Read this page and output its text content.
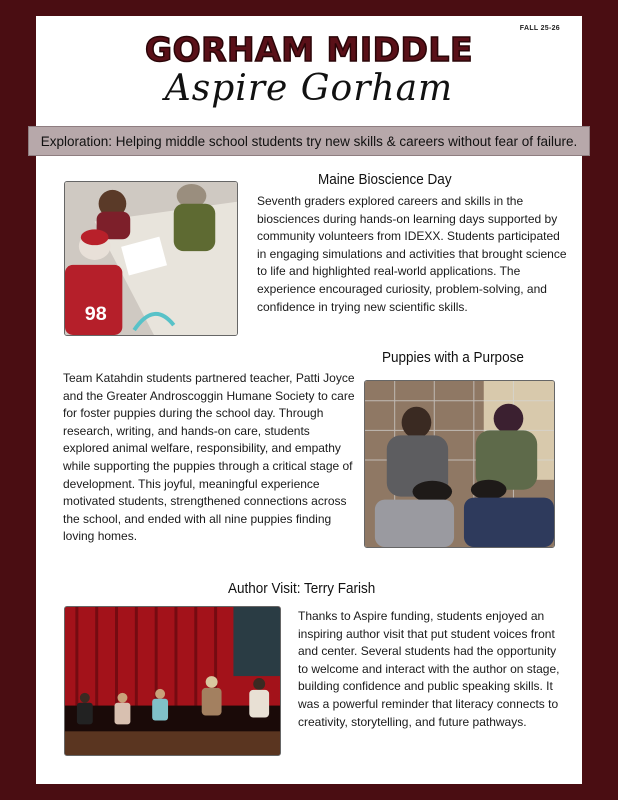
FALL 25-26
GORHAM MIDDLE
Aspire Gorham
Exploration: Helping middle school students try new skills & careers without fear of failure.
Maine Bioscience Day
98
Seventh graders explored careers and skills in the biosciences during hands-on learning days supported by community volunteers from IDEXX. Students participated in engaging simulations and activities that brought science to life and highlighted real-world applications. The experience encouraged curiosity, problem-solving, and confidence in trying new scientific skills.
Puppies with a Purpose
Team Katahdin students partnered teacher, Patti Joyce and the Greater Androscoggin Humane Society to care for foster puppies during the school day. Through research, writing, and hands-on care, students explored animal welfare, responsibility, and empathy while supporting the puppies through a critical stage of development. This joyful, meaningful experience motivated students, strengthened connections across the school, and ended with all nine puppies finding loving homes.
Author Visit: Terry Farish
Thanks to Aspire funding, students enjoyed an inspiring author visit that put student voices front and center. Several students had the opportunity to welcome and interact with the author on stage, building confidence and public speaking skills. It was a powerful reminder that literacy connects to creativity, storytelling, and future pathways.
